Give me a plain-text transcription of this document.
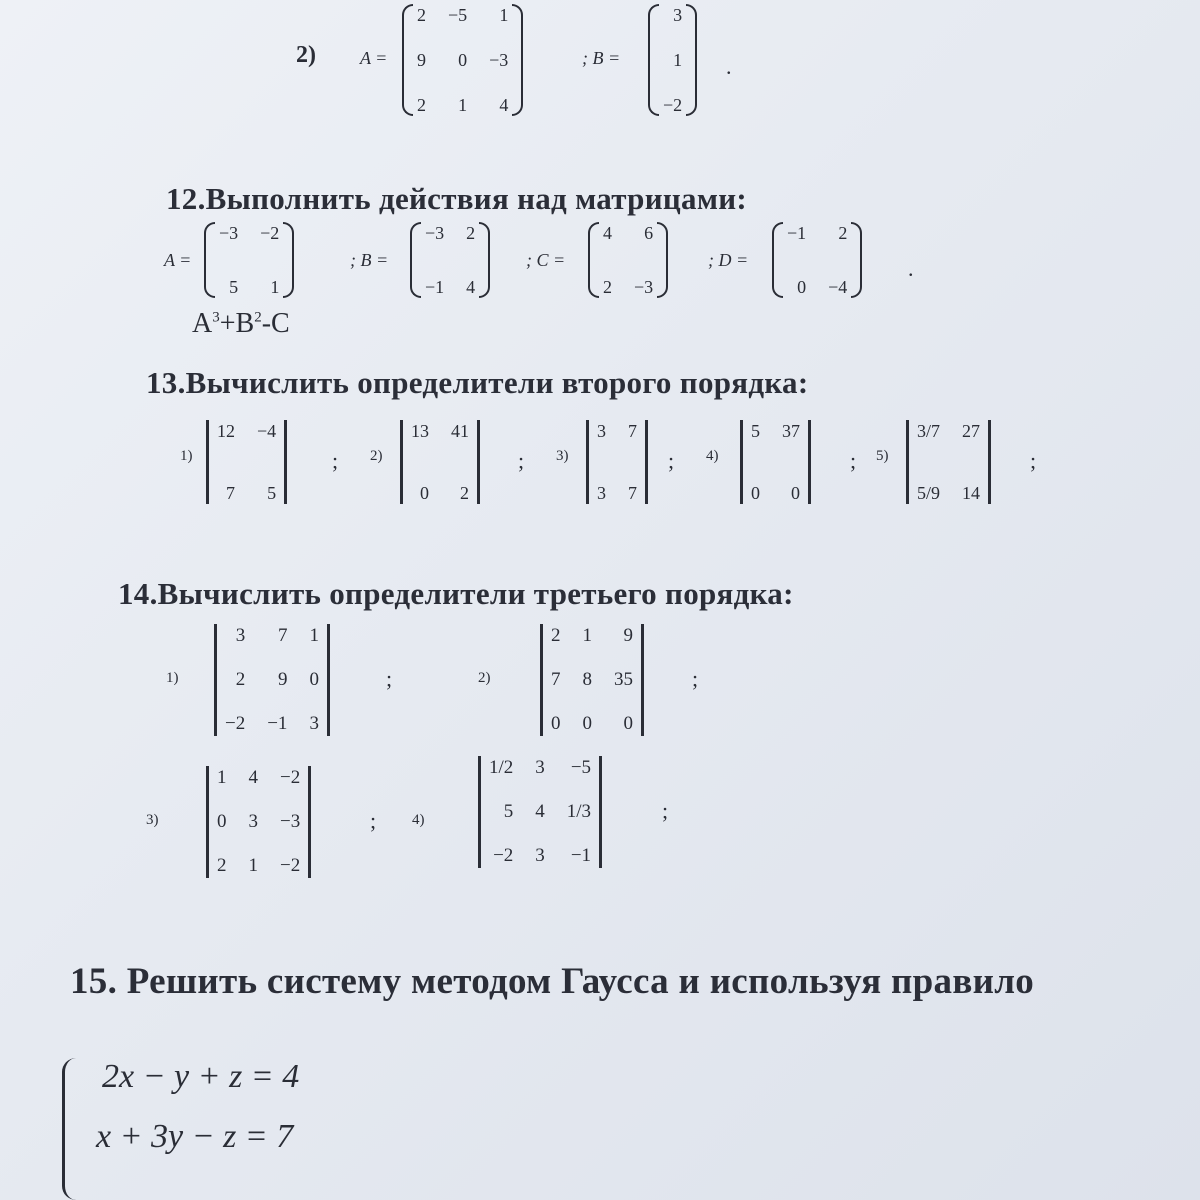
2) A =
2 −5	1
9	0 −3
2	1	4
; B =
3
1
−2
.
12.Выполнить действия над матрицами:
A =
−3 −2
5	1
; B =
−3 2
−1 4
; C =
4	6
2 −3
; D =
−1	2
0 −4
.
$A^3+B^2-C$
13.Вычислить определители второго порядка:
1)
12 −4
7	5
; 2)
13 41
0	2
; 3)
3 7
3 7
; 4)
5 37
0	0
; 5)
3/7 27
5/9 14
;
14.Вычислить определители третьего порядка:
1)
3	7 1
2	9 0
−2 −1 3
;	2)
2 1	9
7 8 35
0 0	0
;
3)
1 4 −2
0 3 −3
2 1 −2
; 4)
1/2 3 −5
5 4 1/3
−2 3 −1
;
15. Решить систему методом Гаусса и используя правило
2x − y + z = 4
x + 3y − z = 7
